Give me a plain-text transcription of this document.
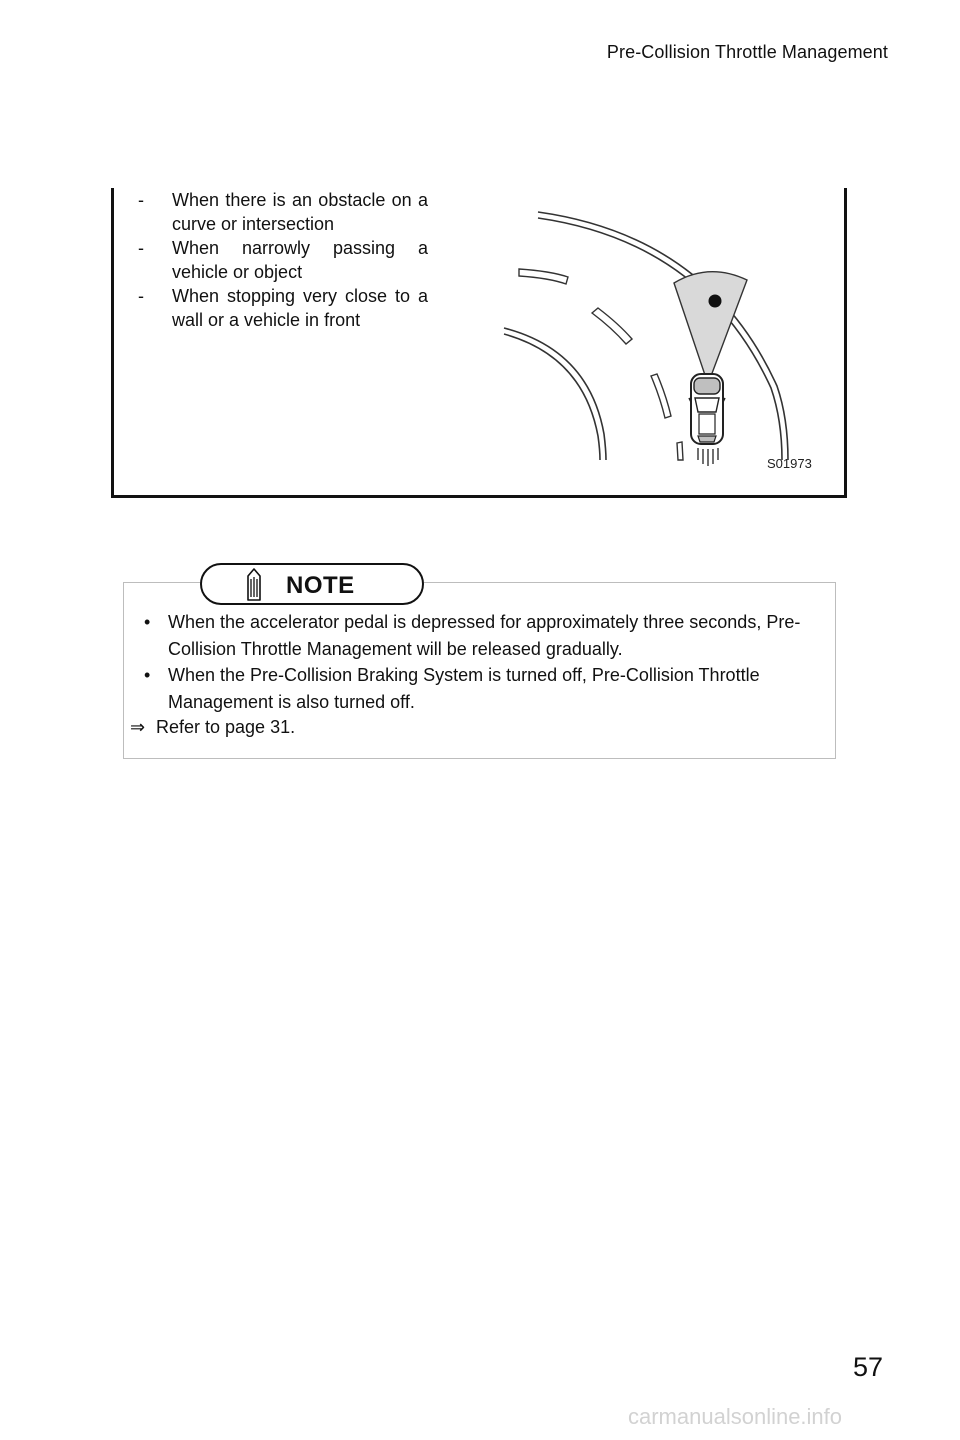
Pre-Collision Throttle Management
- When there is an obstacle on a curve or intersection
- When narrowly passing a vehicle or object
- When stopping very close to a wall or a vehicle in front
S01973
• When the accelerator pedal is depressed for approximately three seconds, Pre-Collision Throttle Management will be released gradually.
• When the Pre-Collision Braking System is turned off, Pre-Collision Throttle Management is also turned off.
⇒ Refer to page 31.
NOTE
57
carmanualsonline.info
